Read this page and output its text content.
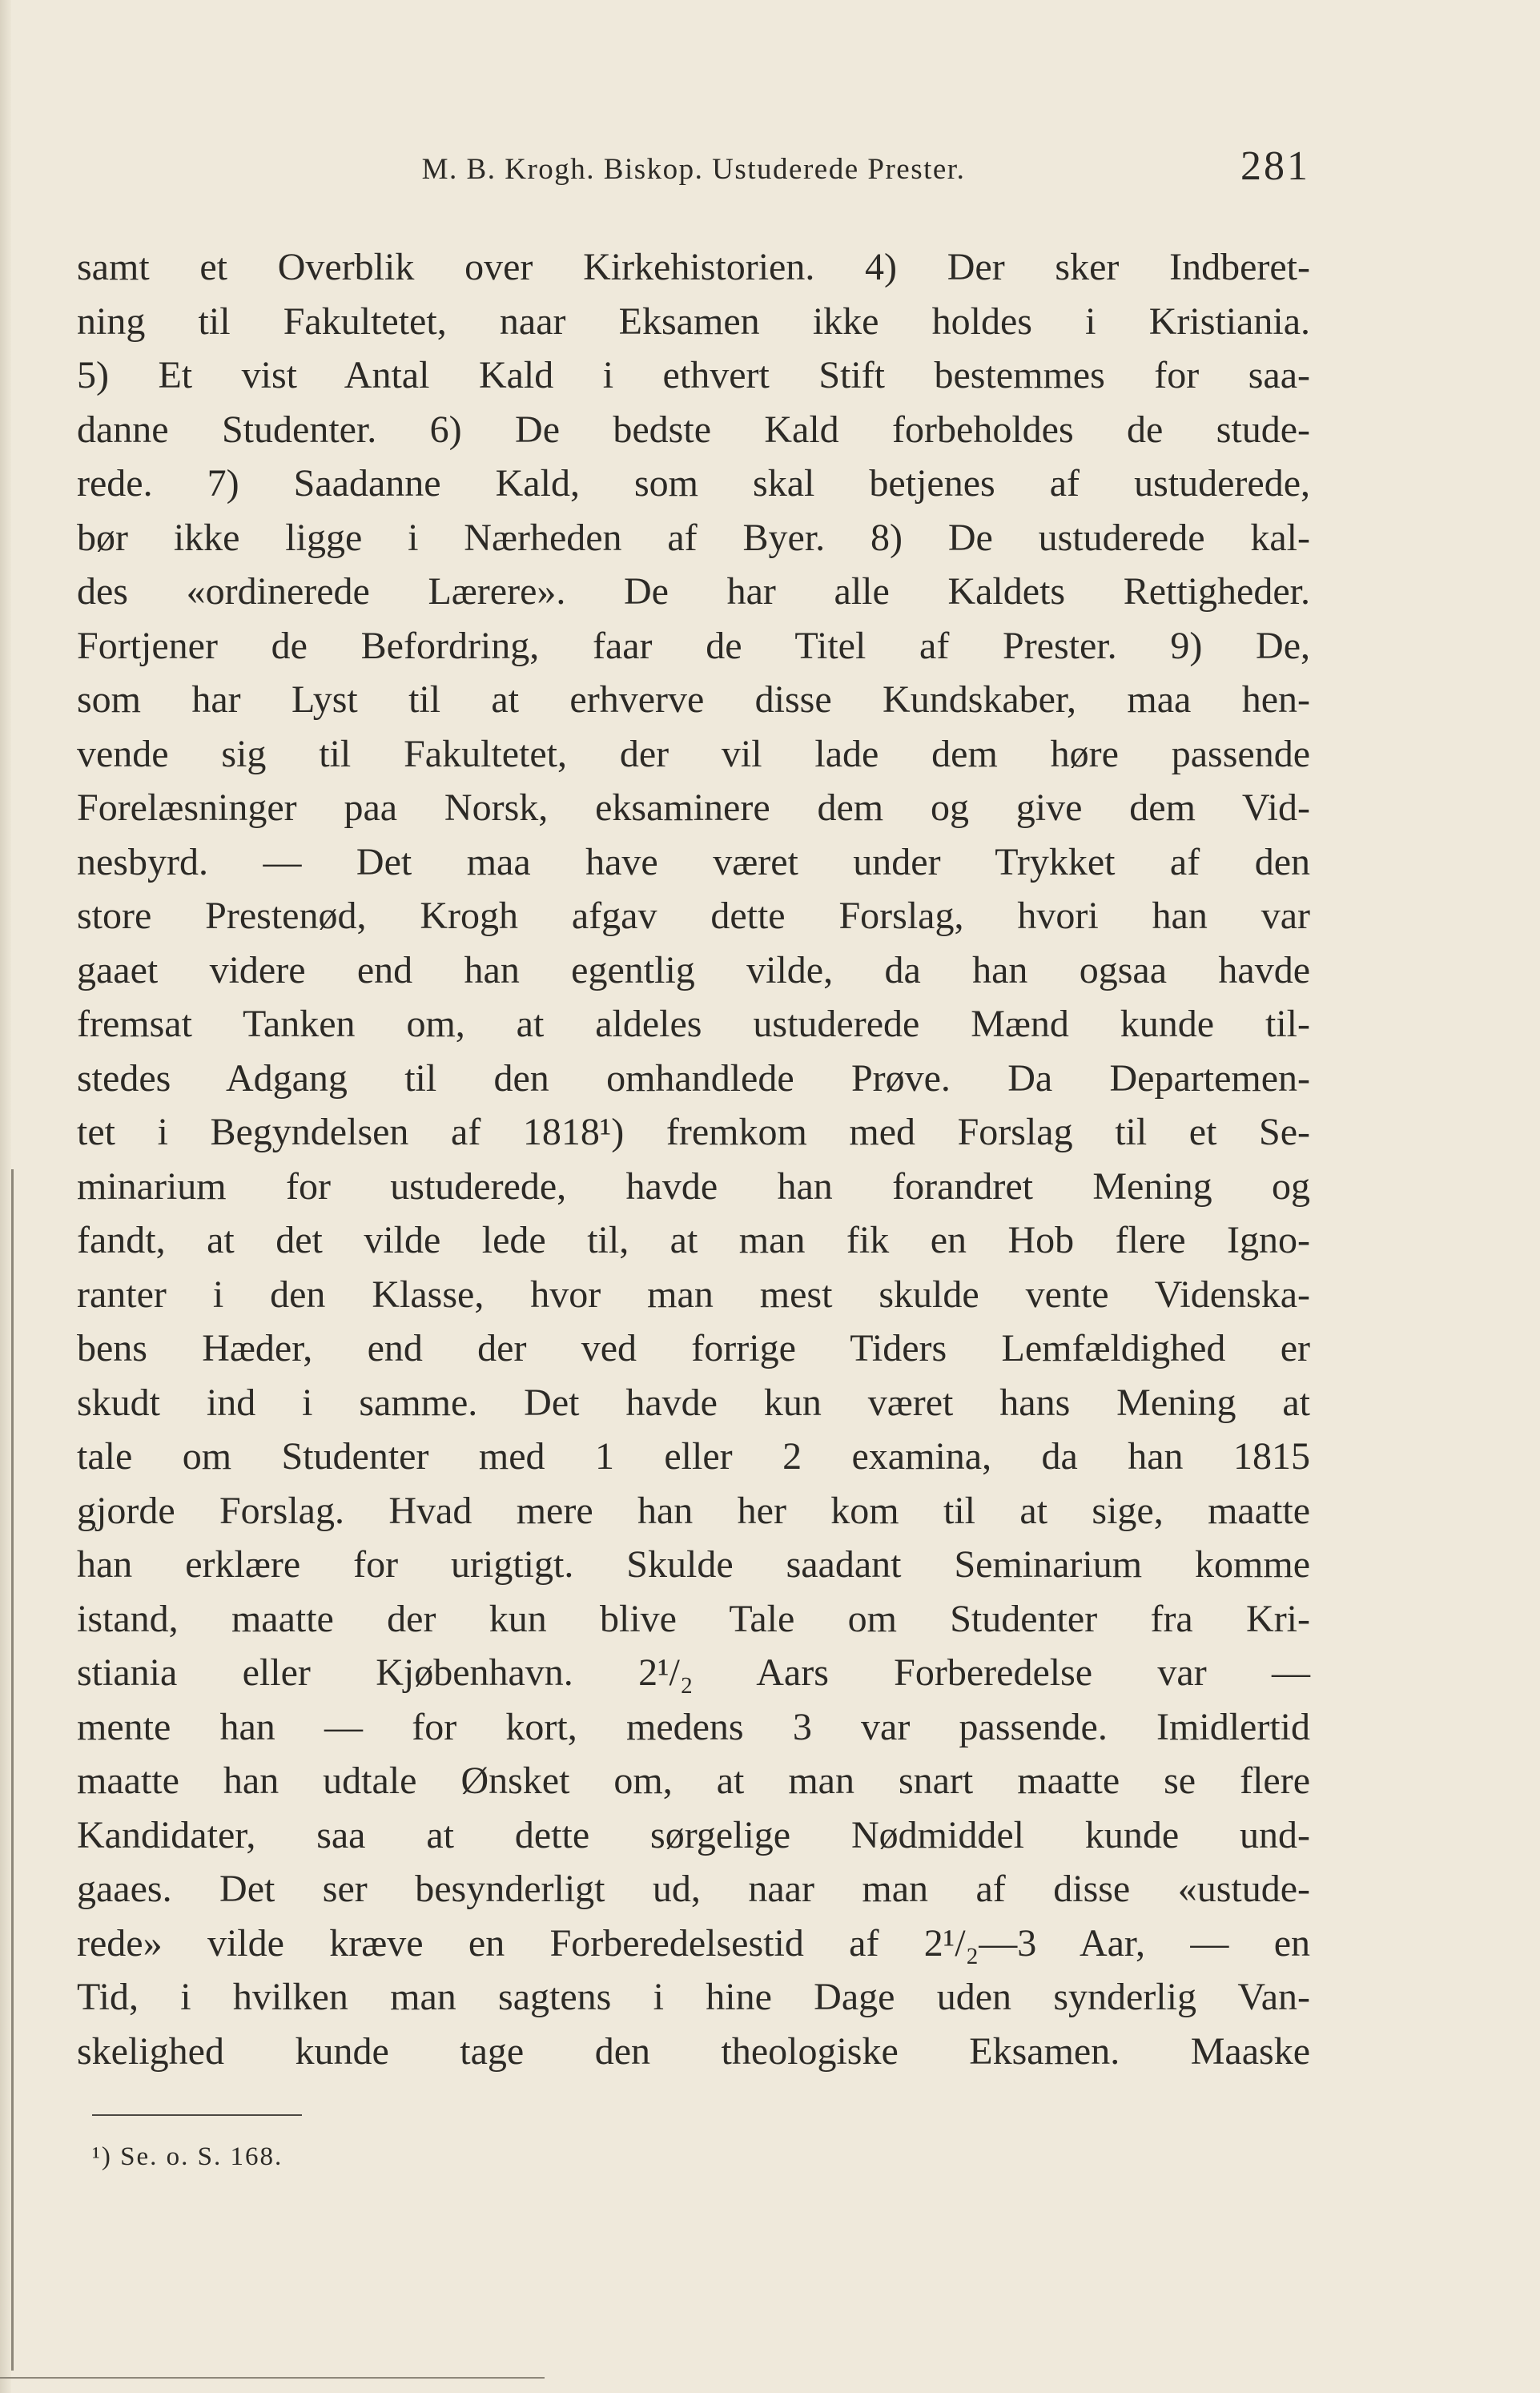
M. B. Krogh. Biskop. Ustuderede Prester.	281
samt et Overblik over Kirkehistorien. 4) Der sker Indberet-
ning til Fakultetet, naar Eksamen ikke holdes i Kristiania.
5) Et vist Antal Kald i ethvert Stift bestemmes for saa-
danne Studenter. 6) De bedste Kald forbeholdes de stude-
rede. 7) Saadanne Kald, som skal betjenes af ustuderede,
bør ikke ligge i Nærheden af Byer. 8) De ustuderede kal-
des «ordinerede Lærere». De har alle Kaldets Rettigheder.
Fortjener de Befordring, faar de Titel af Prester. 9) De,
som har Lyst til at erhverve disse Kundskaber, maa hen-
vende sig til Fakultetet, der vil lade dem høre passende
Forelæsninger paa Norsk, eksaminere dem og give dem Vid-
nesbyrd. — Det maa have været under Trykket af den
store Prestenød, Krogh afgav dette Forslag, hvori han var
gaaet videre end han egentlig vilde, da han ogsaa havde
fremsat Tanken om, at aldeles ustuderede Mænd kunde til-
stedes Adgang til den omhandlede Prøve. Da Departemen-
tet i Begyndelsen af 1818¹) fremkom med Forslag til et Se-
minarium for ustuderede, havde han forandret Mening og
fandt, at det vilde lede til, at man fik en Hob flere Igno-
ranter i den Klasse, hvor man mest skulde vente Videnska-
bens Hæder, end der ved forrige Tiders Lemfældighed er
skudt ind i samme. Det havde kun været hans Mening at
tale om Studenter med 1 eller 2 examina, da han 1815
gjorde Forslag. Hvad mere han her kom til at sige, maatte
han erklære for urigtigt. Skulde saadant Seminarium komme
istand, maatte der kun blive Tale om Studenter fra Kri-
stiania eller Kjøbenhavn. 2¹/₂ Aars Forberedelse var —
mente han — for kort, medens 3 var passende. Imidlertid
maatte han udtale Ønsket om, at man snart maatte se flere
Kandidater, saa at dette sørgelige Nødmiddel kunde und-
gaaes. Det ser besynderligt ud, naar man af disse «ustude-
rede» vilde kræve en Forberedelsestid af 2¹/₂—3 Aar, — en
Tid, i hvilken man sagtens i hine Dage uden synderlig Van-
skelighed kunde tage den theologiske Eksamen. Maaske
¹) Se. o. S. 168.
